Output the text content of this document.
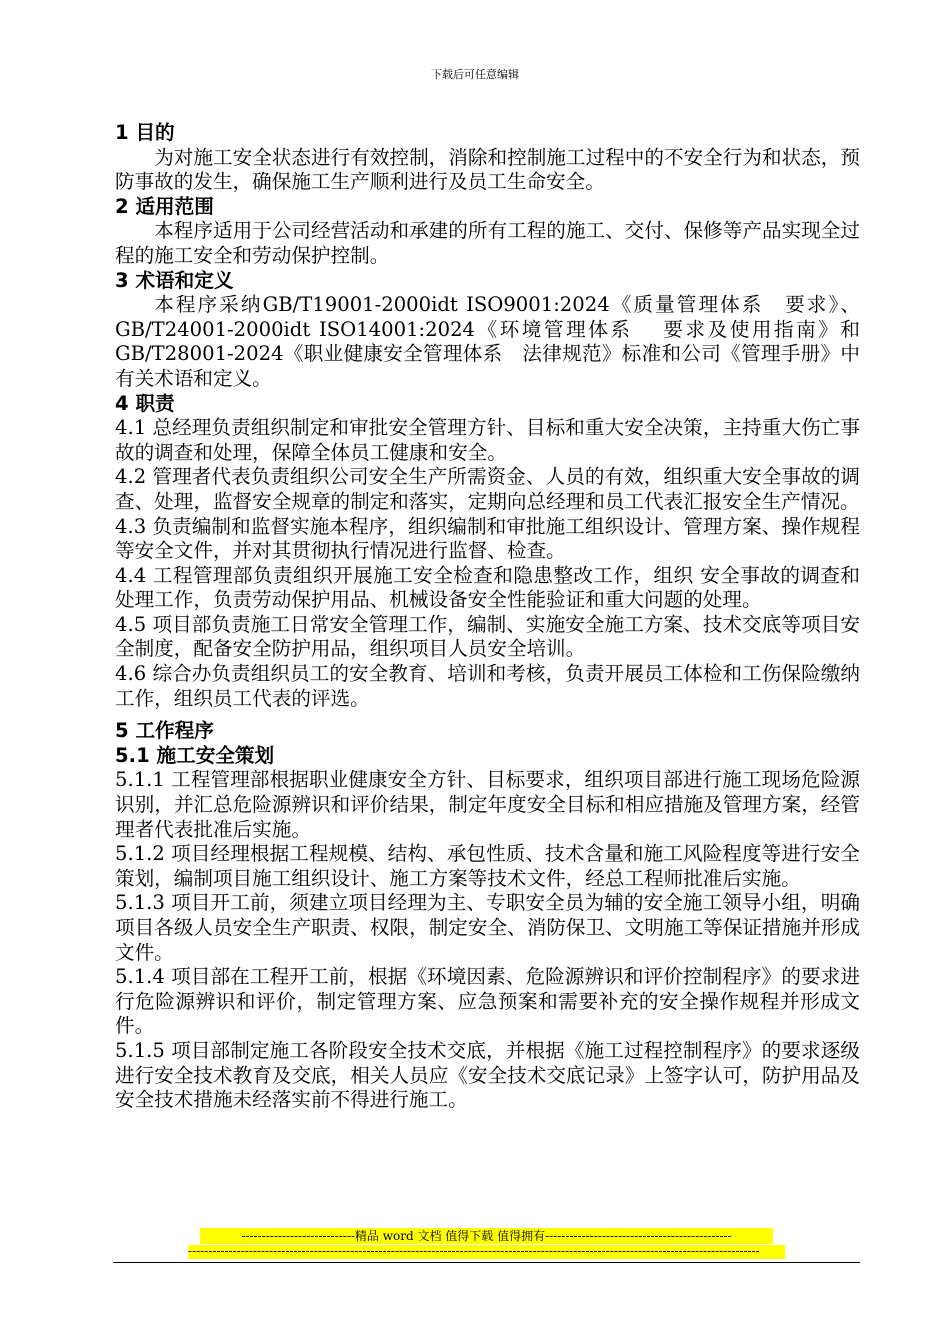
下载后可任意编辑

1 目的

为对施工安全状态进行有效控制，消除和控制施工过程中的不安全行为和状态，预防事故的发生，确保施工生产顺利进行及员工生命安全。

2 适用范围

本程序适用于公司经营活动和承建的所有工程的施工、交付、保修等产品实现全过程的施工安全和劳动保护控制。

3 术语和定义

本程序采纳GB/T19001-2000idt ISO9001:2024《质量管理体系　要求》、GB/T24001-2000idt ISO14001:2024《环境管理体系　 要求及使用指南》和GB/T28001-2024《职业健康安全管理体系　法律规范》标准和公司《管理手册》中有关术语和定义。

4 职责

4.1 总经理负责组织制定和审批安全管理方针、目标和重大安全决策，主持重大伤亡事故的调查和处理，保障全体员工健康和安全。

4.2 管理者代表负责组织公司安全生产所需资金、人员的有效，组织重大安全事故的调查、处理，监督安全规章的制定和落实，定期向总经理和员工代表汇报安全生产情况。

4.3 负责编制和监督实施本程序，组织编制和审批施工组织设计、管理方案、操作规程等安全文件，并对其贯彻执行情况进行监督、检查。

4.4 工程管理部负责组织开展施工安全检查和隐患整改工作，组织 安全事故的调查和处理工作，负责劳动保护用品、机械设备安全性能验证和重大问题的处理。

4.5 项目部负责施工日常安全管理工作，编制、实施安全施工方案、技术交底等项目安全制度，配备安全防护用品，组织项目人员安全培训。

4.6 综合办负责组织员工的安全教育、培训和考核，负责开展员工体检和工伤保险缴纳工作，组织员工代表的评选。

5 工作程序

5.1 施工安全策划

5.1.1 工程管理部根据职业健康安全方针、目标要求，组织项目部进行施工现场危险源识别，并汇总危险源辨识和评价结果，制定年度安全目标和相应措施及管理方案，经管理者代表批准后实施。

5.1.2 项目经理根据工程规模、结构、承包性质、技术含量和施工风险程度等进行安全策划，编制项目施工组织设计、施工方案等技术文件，经总工程师批准后实施。

5.1.3 项目开工前，须建立项目经理为主、专职安全员为辅的安全施工领导小组，明确项目各级人员安全生产职责、权限，制定安全、消防保卫、文明施工等保证措施并形成文件。

5.1.4 项目部在工程开工前，根据《环境因素、危险源辨识和评价控制程序》的要求进行危险源辨识和评价，制定管理方案、应急预案和需要补充的安全操作规程并形成文件。

5.1.5 项目部制定施工各阶段安全技术交底，并根据《施工过程控制程序》的要求逐级进行安全技术教育及交底，相关人员应《安全技术交底记录》上签字认可，防护用品及安全技术措施未经落实前不得进行施工。

----------------------------精品 word 文档 值得下载 值得拥有----------------------------------------------
---------------------------------------------------------------------------------------------------------------------------------------------
